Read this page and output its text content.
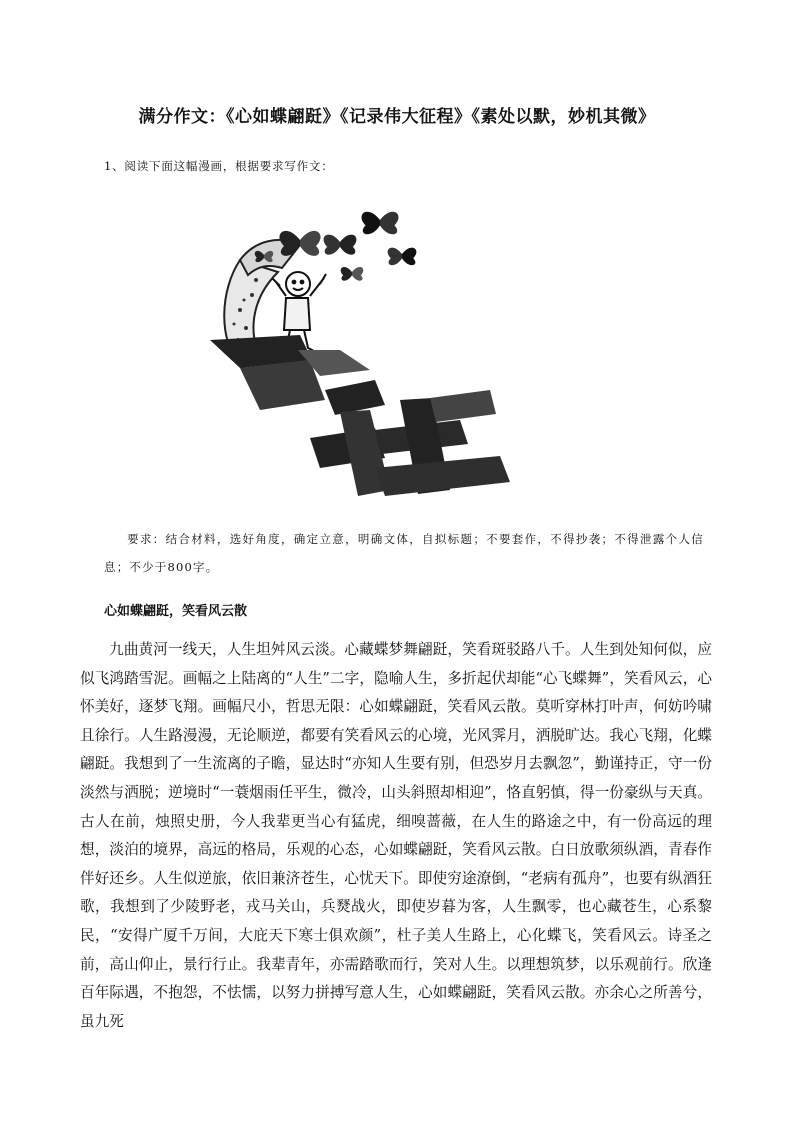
满分作文：《心如蝶翩跹》《记录伟大征程》《素处以默，妙机其微》
1、阅读下面这幅漫画，根据要求写作文：
要求：结合材料，选好角度，确定立意，明确文体，自拟标题；不要套作，不得抄袭；不得泄露个人信息；不少于800字。
心如蝶翩跹，笑看风云散
九曲黄河一线天，人生坦舛风云淡。心藏蝶梦舞翩跹，笑看斑驳路八千。人生到处知何似，应似飞鸿踏雪泥。画幅之上陆离的“人生”二字，隐喻人生，多折起伏却能“心飞蝶舞”，笑看风云，心怀美好，逐梦飞翔。画幅尺小，哲思无限：心如蝶翩跹，笑看风云散。莫听穿林打叶声，何妨吟啸且徐行。人生路漫漫，无论顺逆，都要有笑看风云的心境，光风霁月，洒脱旷达。我心飞翔，化蝶翩跹。我想到了一生流离的子瞻，显达时“亦知人生要有别，但恐岁月去飘忽”，勤谨持正，守一份淡然与洒脱；逆境时“一蓑烟雨任平生，微冷，山头斜照却相迎”，恪直躬慎，得一份豪纵与天真。古人在前，烛照史册，今人我辈更当心有猛虎，细嗅蔷薇，在人生的路途之中，有一份高远的理想，淡泊的境界，高远的格局，乐观的心态，心如蝶翩跹，笑看风云散。白日放歌须纵酒，青春作伴好还乡。人生似逆旅，依旧兼济苍生，心忧天下。即使穷途潦倒，“老病有孤舟”，也要有纵酒狂歌，我想到了少陵野老，戎马关山，兵燹战火，即使岁暮为客，人生飘零，也心藏苍生，心系黎民，“安得广厦千万间，大庇天下寒士俱欢颜”，杜子美人生路上，心化蝶飞，笑看风云。诗圣之前，高山仰止，景行行止。我辈青年，亦需踏歌而行，笑对人生。以理想筑梦，以乐观前行。欣逢百年际遇，不抱怨，不怯懦，以努力拼搏写意人生，心如蝶翩跹，笑看风云散。亦余心之所善兮，虽九死
